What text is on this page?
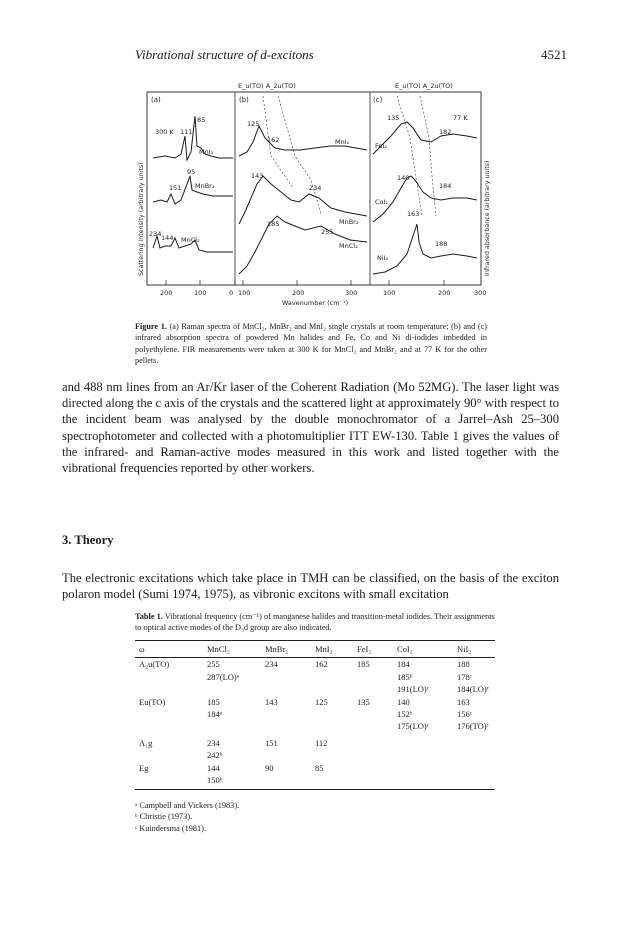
Vibrational structure of d-excitons	4521
(a)	(b)	(c)
E_u(TO) A_2u(TO)	E_u(TO) A_2u(TO)
300 K
77 K
111
85
95
151
234 144
MnI₂
MnBr₂
MnCl₂
125
162
143
234
185
255
MnI₂
MnBr₂
MnCl₂
135
182
140
184
163
188
FeI₂
CoI₂
NiI₂
200	100	0 100	200	300	100	200	300
Wavenumber (cm⁻¹)
Scattering intensity (arbitrary units)	Infrared absorbance (arbitrary units)
Figure 1. (a) Raman spectra of MnCl₂, MnBr₂ and MnI₂ single crystals at room temperature; (b) and (c) infrared absorption spectra of powdered Mn halides and Fe, Co and Ni di-iodides imbedded in polyethylene. FIR measurements were taken at 300 K for MnCl₂ and MnBr₂ and at 77 K for the other pellets.
and 488 nm lines from an Ar/Kr laser of the Coherent Radiation (Mo 52MG). The laser light was directed along the c axis of the crystals and the scattered light at approximately 90° with respect to the incident beam was analysed by the double monochromator of a Jarrel–Ash 25–300 spectrophotometer and collected with a photomultiplier ITT EW-130. Table 1 gives the values of the infrared- and Raman-active modes measured in this work and listed together with the vibrational frequencies reported by other workers.
3. Theory
The electronic excitations which take place in TMH can be classified, on the basis of the exciton polaron model (Sumi 1974, 1975), as vibronic excitons with small excitation
Table 1. Vibrational frequency (cm⁻¹) of manganese halides and transition-metal iodides. Their assignments to optical active modes of the D₃d group are also indicated.
ω	MnCl₂	MnBr₂	MnI₂	FeI₂	CoI₂	NiI₂
A₂u(TO)	255	234	162	185	184	188
	287(LO)ᵃ				185ᵇ	178ᶜ
					191(LO)ᶜ	184(LO)ᶜ
Eu(TO)	185	143	125	135	140	163
	184ᵃ				152ᵇ	156ᶜ
					175(LO)ᶜ	176(TO)ᶜ
A₁g	234	151	112			
	242ᵇ					
Eg	144	90	85			
	150ᵇ					
ᵃ Campbell and Vickers (1983).
ᵇ Christie (1973).
ᶜ Kuindersma (1981).
